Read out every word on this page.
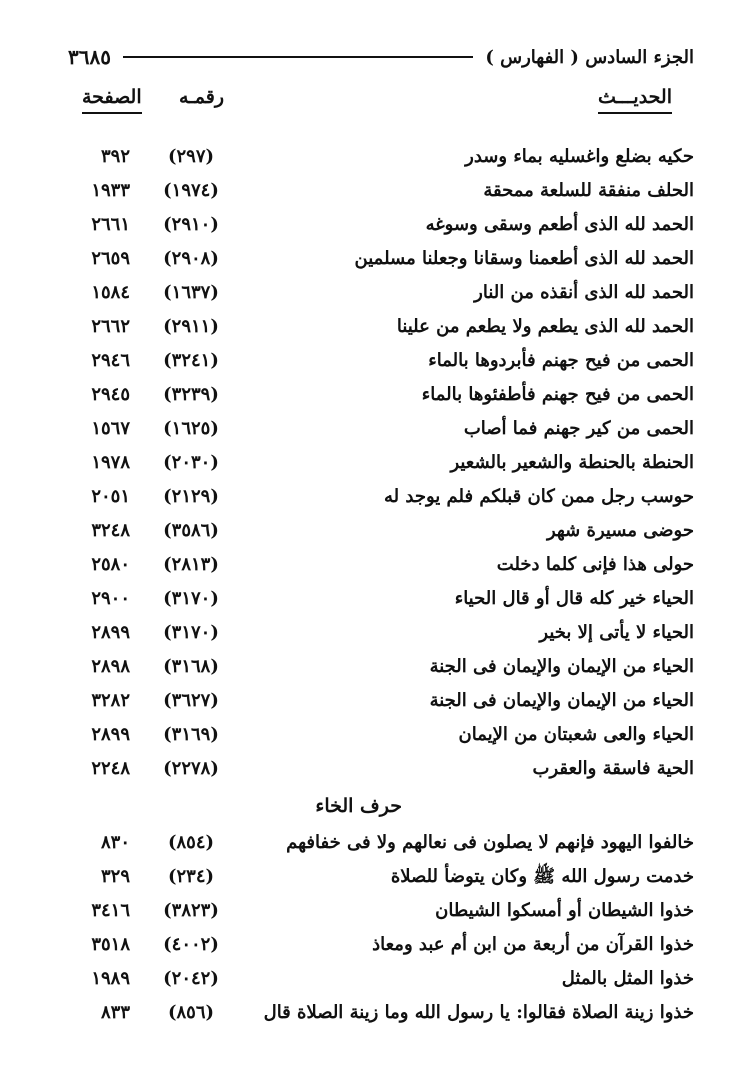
الجزء السادس ( الفهارس )
٣٦٨٥
الحديـــث
رقمـه
الصفحة
حكيه بضلع واغسليه بماء وسدر
(٢٩٧)
٣٩٢
الحلف منفقة للسلعة ممحقة
(١٩٧٤)
١٩٣٣
الحمد لله الذى أطعم وسقى وسوغه
(٢٩١٠)
٢٦٦١
الحمد لله الذى أطعمنا وسقانا وجعلنا مسلمين
(٢٩٠٨)
٢٦٥٩
الحمد لله الذى أنقذه من النار
(١٦٣٧)
١٥٨٤
الحمد لله الذى يطعم ولا يطعم من علينا
(٢٩١١)
٢٦٦٢
الحمى من فيح جهنم فأبردوها بالماء
(٣٢٤١)
٢٩٤٦
الحمى من فيح جهنم فأطفئوها بالماء
(٣٢٣٩)
٢٩٤٥
الحمى من كير جهنم فما أصاب
(١٦٢٥)
١٥٦٧
الحنطة بالحنطة والشعير بالشعير
(٢٠٣٠)
١٩٧٨
حوسب رجل ممن كان قبلكم فلم يوجد له
(٢١٢٩)
٢٠٥١
حوضى مسيرة شهر
(٣٥٨٦)
٣٢٤٨
حولى هذا فإنى كلما دخلت
(٢٨١٣)
٢٥٨٠
الحياء خير كله قال أو قال الحياء
(٣١٧٠)
٢٩٠٠
الحياء لا يأتى إلا بخير
(٣١٧٠)
٢٨٩٩
الحياء من الإيمان والإيمان فى الجنة
(٣١٦٨)
٢٨٩٨
الحياء من الإيمان والإيمان فى الجنة
(٣٦٢٧)
٣٢٨٢
الحياء والعى شعبتان من الإيمان
(٣١٦٩)
٢٨٩٩
الحية فاسقة والعقرب
(٢٢٧٨)
٢٢٤٨
حرف الخاء
خالفوا اليهود فإنهم لا يصلون فى نعالهم ولا فى خفافهم
(٨٥٤)
٨٣٠
خدمت رسول الله ﷺ وكان يتوضأ للصلاة
(٢٣٤)
٣٢٩
خذوا الشيطان أو أمسكوا الشيطان
(٣٨٢٣)
٣٤١٦
خذوا القرآن من أربعة من ابن أم عبد ومعاذ
(٤٠٠٢)
٣٥١٨
خذوا المثل بالمثل
(٢٠٤٢)
١٩٨٩
خذوا زينة الصلاة فقالوا: يا رسول الله وما زينة الصلاة قال
(٨٥٦)
٨٣٣
